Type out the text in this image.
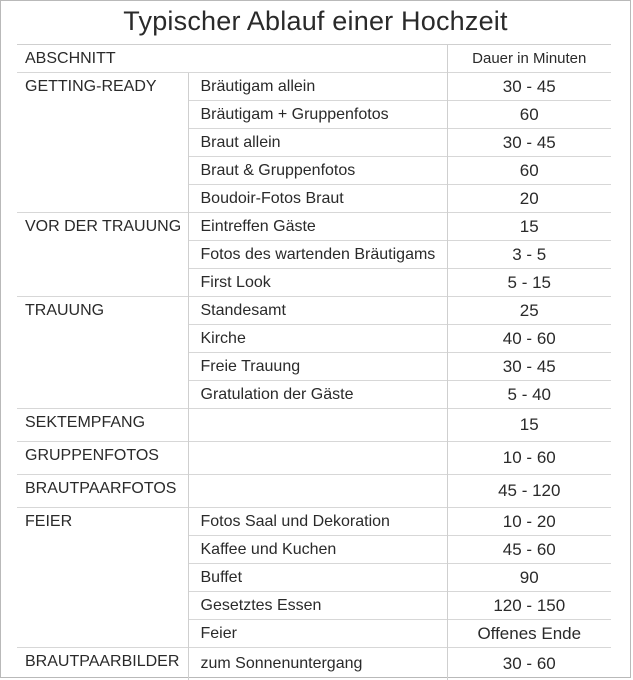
Typischer Ablauf einer Hochzeit
ABSCHNITT		Dauer in Minuten
GETTING-READY	Bräutigam allein	30 - 45
	Bräutigam + Gruppenfotos	60
	Braut allein	30 - 45
	Braut & Gruppenfotos	60
	Boudoir-Fotos Braut	20
VOR DER TRAUUNG	Eintreffen Gäste	15
	Fotos des wartenden Bräutigams	3 - 5
	First Look	5 - 15
TRAUUNG	Standesamt	25
	Kirche	40 - 60
	Freie Trauung	30 - 45
	Gratulation der Gäste	5 - 40
SEKTEMPFANG		15
GRUPPENFOTOS		10 - 60
BRAUTPAARFOTOS		45 - 120
FEIER	Fotos Saal und Dekoration	10 - 20
	Kaffee und Kuchen	45 - 60
	Buffet	90
	Gesetztes Essen	120 - 150
	Feier	Offenes Ende
BRAUTPAARBILDER	zum Sonnenuntergang	30 - 60
